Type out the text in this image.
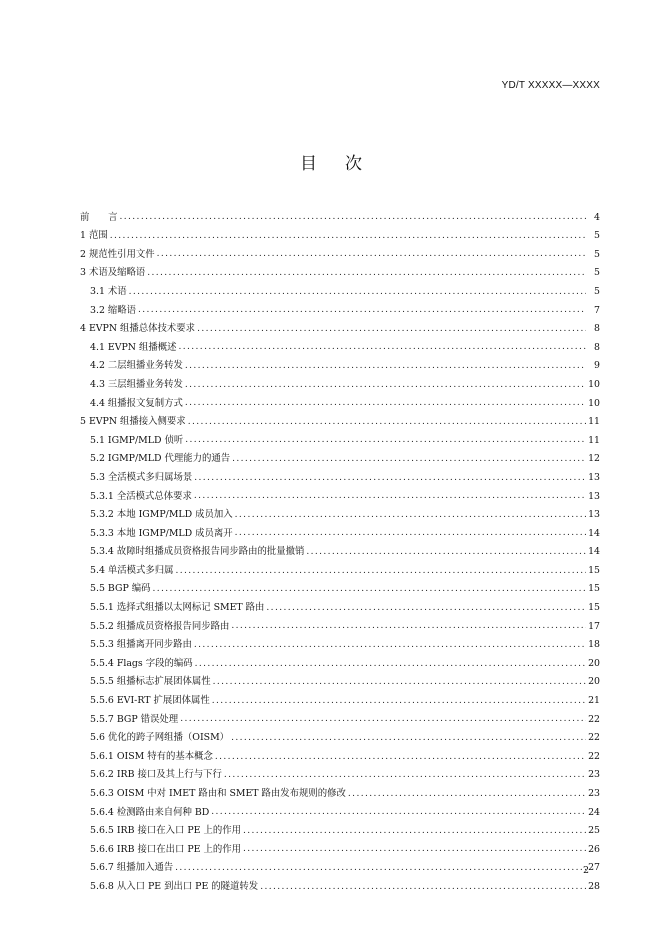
YD/T XXXXX—XXXX
目次
前　　言 .....	4
1 范围 .....	5
2 规范性引用文件 .....	5
3 术语及缩略语 .....	5
3.1 术语 .....	5
3.2 缩略语 .....	7
4 EVPN 组播总体技术要求 .....	8
4.1 EVPN 组播概述 .....	8
4.2 二层组播业务转发 .....	9
4.3 三层组播业务转发 .....	10
4.4 组播报文复制方式 .....	10
5 EVPN 组播接入侧要求 .....	11
5.1 IGMP/MLD 侦听 .....	11
5.2 IGMP/MLD 代理能力的通告 .....	12
5.3 全活模式多归属场景 .....	13
5.3.1 全活模式总体要求 .....	13
5.3.2 本地 IGMP/MLD 成员加入 .....	13
5.3.3 本地 IGMP/MLD 成员离开 .....	14
5.3.4 故障时组播成员资格报告同步路由的批量撤销 .....	14
5.4 单活模式多归属 .....	15
5.5 BGP 编码 .....	15
5.5.1 选择式组播以太网标记 SMET 路由 .....	15
5.5.2 组播成员资格报告同步路由 .....	17
5.5.3 组播离开同步路由 .....	18
5.5.4 Flags 字段的编码 .....	20
5.5.5 组播标志扩展团体属性 .....	20
5.5.6 EVI-RT 扩展团体属性 .....	21
5.5.7 BGP 错误处理 .....	22
5.6 优化的跨子网组播（OISM） .....	22
5.6.1 OISM 特有的基本概念 .....	22
5.6.2 IRB 接口及其上行与下行 .....	23
5.6.3 OISM 中对 IMET 路由和 SMET 路由发布规则的修改 .....	23
5.6.4 检测路由来自何种 BD .....	24
5.6.5 IRB 接口在入口 PE 上的作用 .....	25
5.6.6 IRB 接口在出口 PE 上的作用 .....	26
5.6.7 组播加入通告 .....	27
5.6.8 从入口 PE 到出口 PE 的隧道转发 .....	28
2
